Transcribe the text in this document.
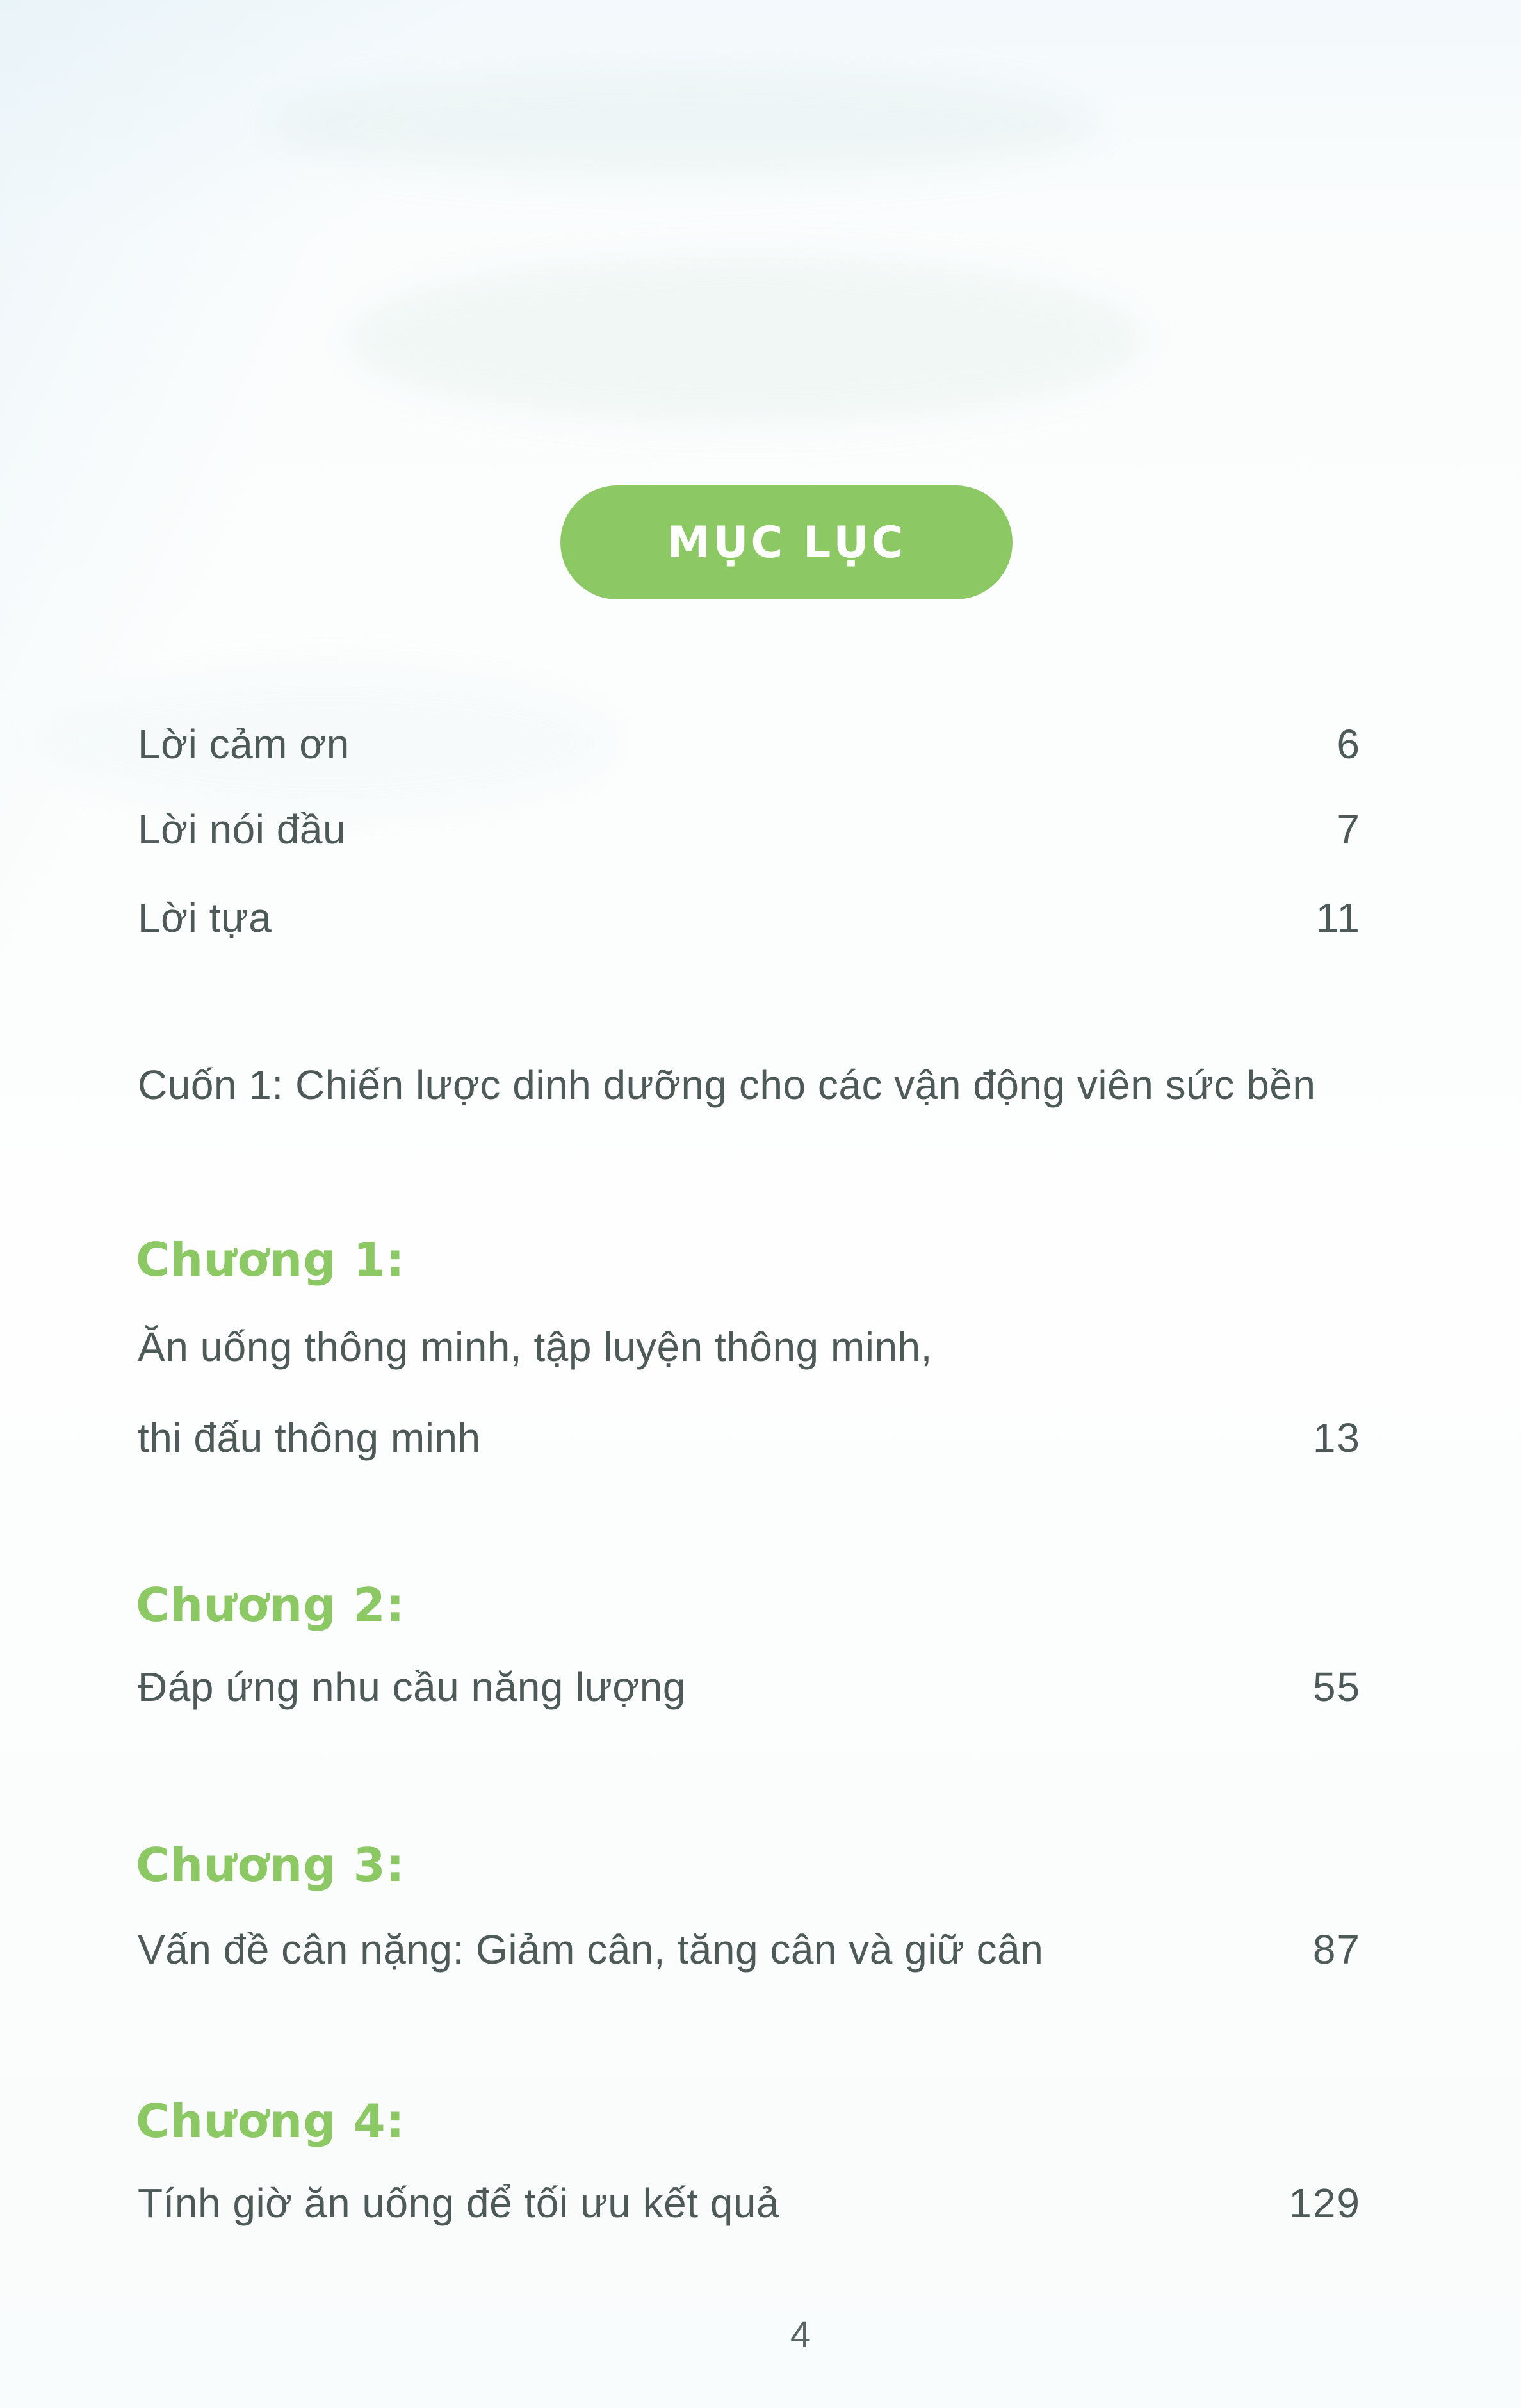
MỤC LỤC
Lời cảm ơn	6
Lời nói đầu	7
Lời tựa	11
Cuốn 1: Chiến lược dinh dưỡng cho các vận động viên sức bền
Chương 1:
Ăn uống thông minh, tập luyện thông minh,
thi đấu thông minh	13
Chương 2:
Đáp ứng nhu cầu năng lượng	55
Chương 3:
Vấn đề cân nặng: Giảm cân, tăng cân và giữ cân	87
Chương 4:
Tính giờ ăn uống để tối ưu kết quả	129
4
